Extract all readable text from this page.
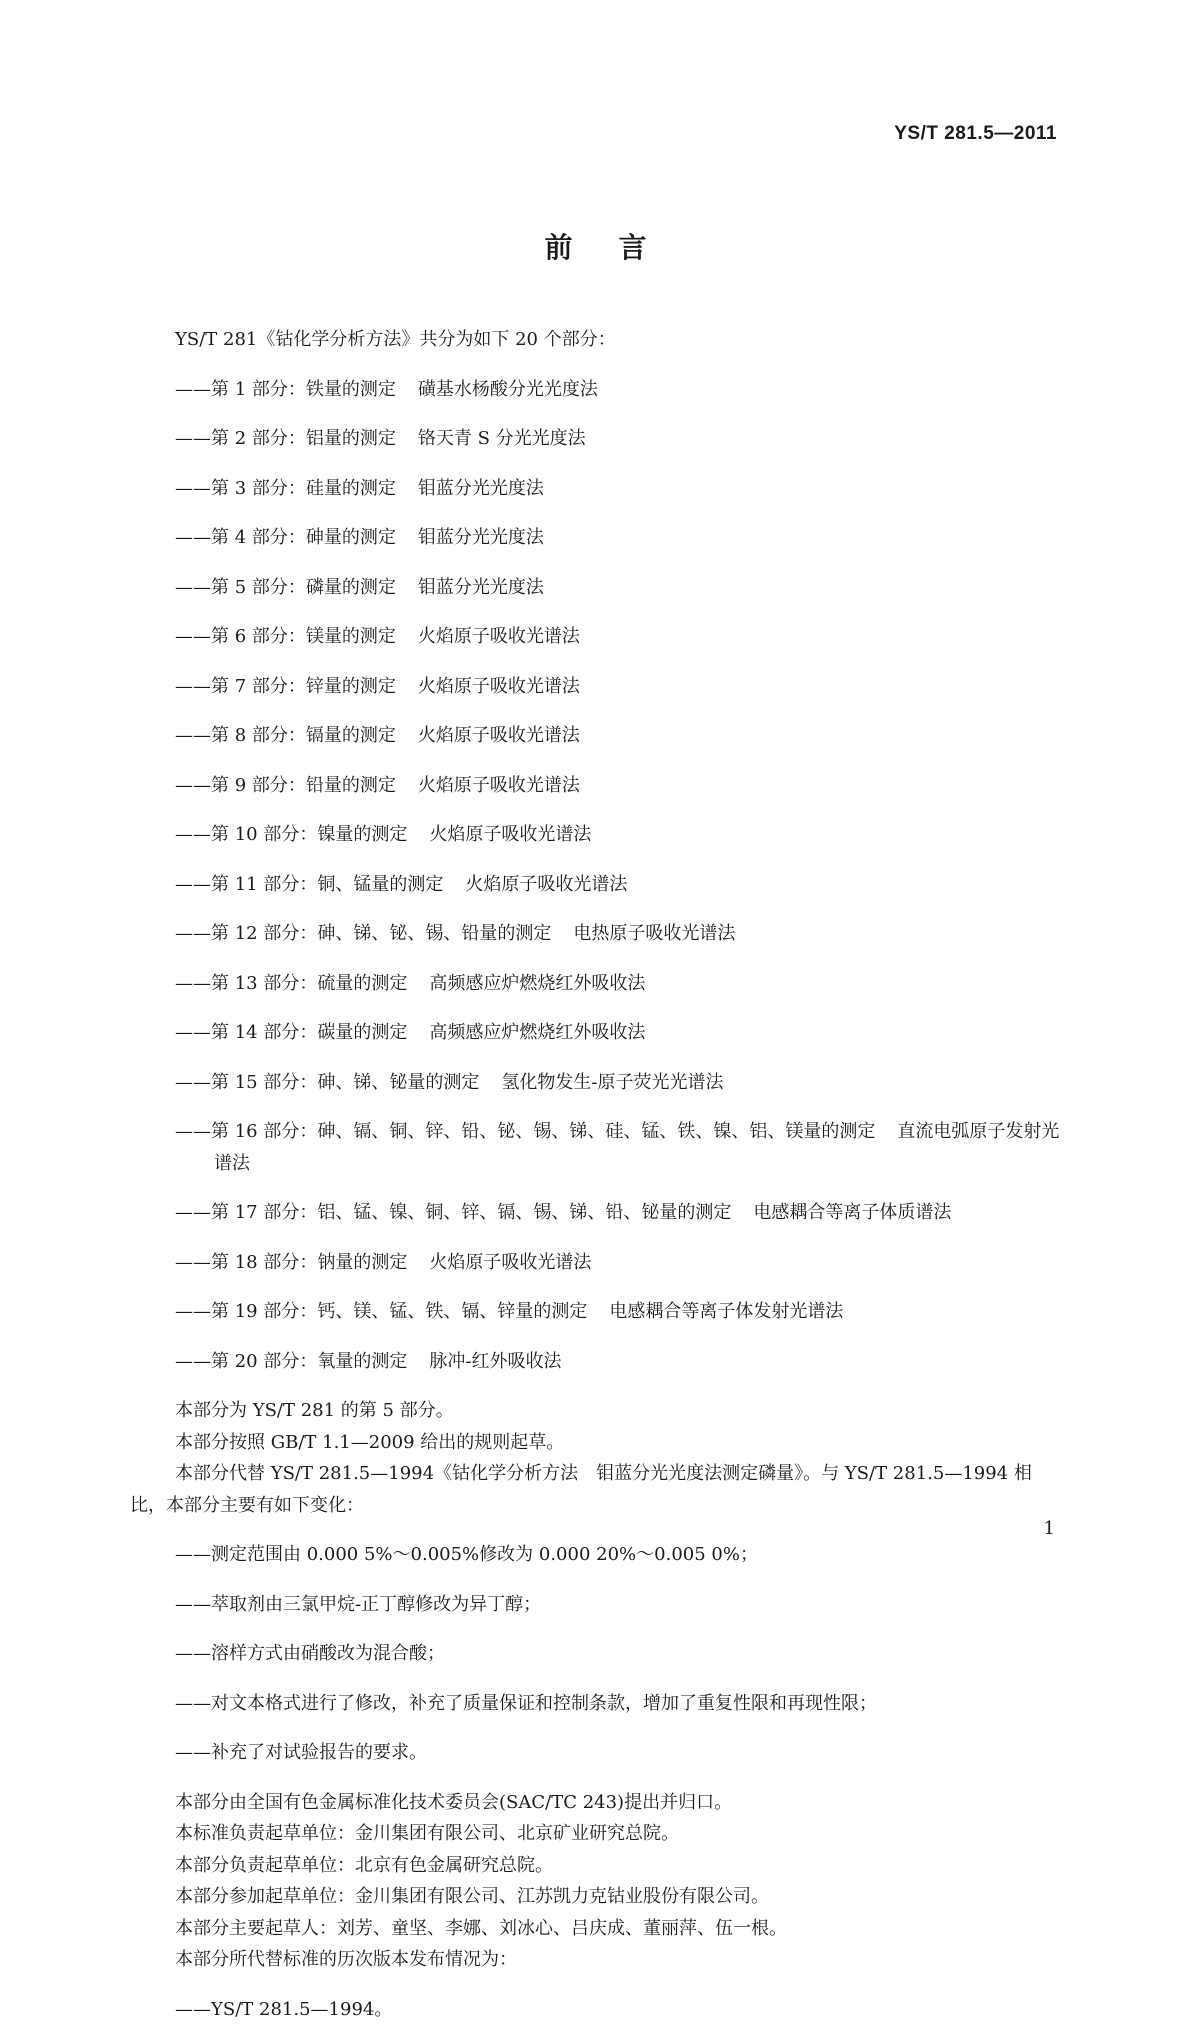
YS/T 281.5—2011
前言

YS/T 281《钴化学分析方法》共分为如下 20 个部分：

——第 1 部分：铁量的测定 磺基水杨酸分光光度法

——第 2 部分：铝量的测定 铬天青 S 分光光度法

——第 3 部分：硅量的测定 钼蓝分光光度法

——第 4 部分：砷量的测定 钼蓝分光光度法

——第 5 部分：磷量的测定 钼蓝分光光度法

——第 6 部分：镁量的测定 火焰原子吸收光谱法

——第 7 部分：锌量的测定 火焰原子吸收光谱法

——第 8 部分：镉量的测定 火焰原子吸收光谱法

——第 9 部分：铅量的测定 火焰原子吸收光谱法

——第 10 部分：镍量的测定 火焰原子吸收光谱法

——第 11 部分：铜、锰量的测定 火焰原子吸收光谱法

——第 12 部分：砷、锑、铋、锡、铅量的测定 电热原子吸收光谱法

——第 13 部分：硫量的测定 高频感应炉燃烧红外吸收法

——第 14 部分：碳量的测定 高频感应炉燃烧红外吸收法

——第 15 部分：砷、锑、铋量的测定 氢化物发生-原子荧光光谱法

——第 16 部分：砷、镉、铜、锌、铅、铋、锡、锑、硅、锰、铁、镍、铝、镁量的测定 直流电弧原子发射光谱法

——第 17 部分：铝、锰、镍、铜、锌、镉、锡、锑、铅、铋量的测定 电感耦合等离子体质谱法

——第 18 部分：钠量的测定 火焰原子吸收光谱法

——第 19 部分：钙、镁、锰、铁、镉、锌量的测定 电感耦合等离子体发射光谱法

——第 20 部分：氧量的测定 脉冲-红外吸收法

本部分为 YS/T 281 的第 5 部分。

本部分按照 GB/T 1.1—2009 给出的规则起草。

本部分代替 YS/T 281.5—1994《钴化学分析方法　钼蓝分光光度法测定磷量》。与 YS/T 281.5—1994 相比，本部分主要有如下变化：

——测定范围由 0.000 5%～0.005%修改为 0.000 20%～0.005 0%；

——萃取剂由三氯甲烷-正丁醇修改为异丁醇；

——溶样方式由硝酸改为混合酸；

——对文本格式进行了修改，补充了质量保证和控制条款，增加了重复性限和再现性限；

——补充了对试验报告的要求。

本部分由全国有色金属标准化技术委员会(SAC/TC 243)提出并归口。

本标准负责起草单位：金川集团有限公司、北京矿业研究总院。

本部分负责起草单位：北京有色金属研究总院。

本部分参加起草单位：金川集团有限公司、江苏凯力克钴业股份有限公司。

本部分主要起草人：刘芳、童坚、李娜、刘冰心、吕庆成、董丽萍、伍一根。

本部分所代替标准的历次版本发布情况为：

——YS/T 281.5—1994。

1
